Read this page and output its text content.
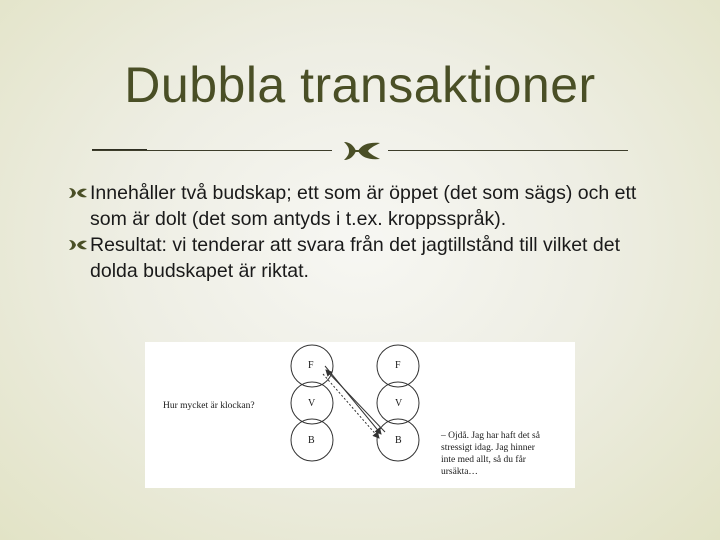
Dubbla transaktioner
Innehåller två budskap; ett som är öppet (det som sägs) och ett som är dolt (det som antyds i t.ex. kroppsspråk).
Resultat: vi tenderar att svara från det jagtillstånd till vilket det dolda budskapet är riktat.
F
V
B
F
V
B
Hur mycket är klockan?
– Ojdå. Jag har haft det så
stressigt idag. Jag hinner
inte med allt, så du får
ursäkta…
